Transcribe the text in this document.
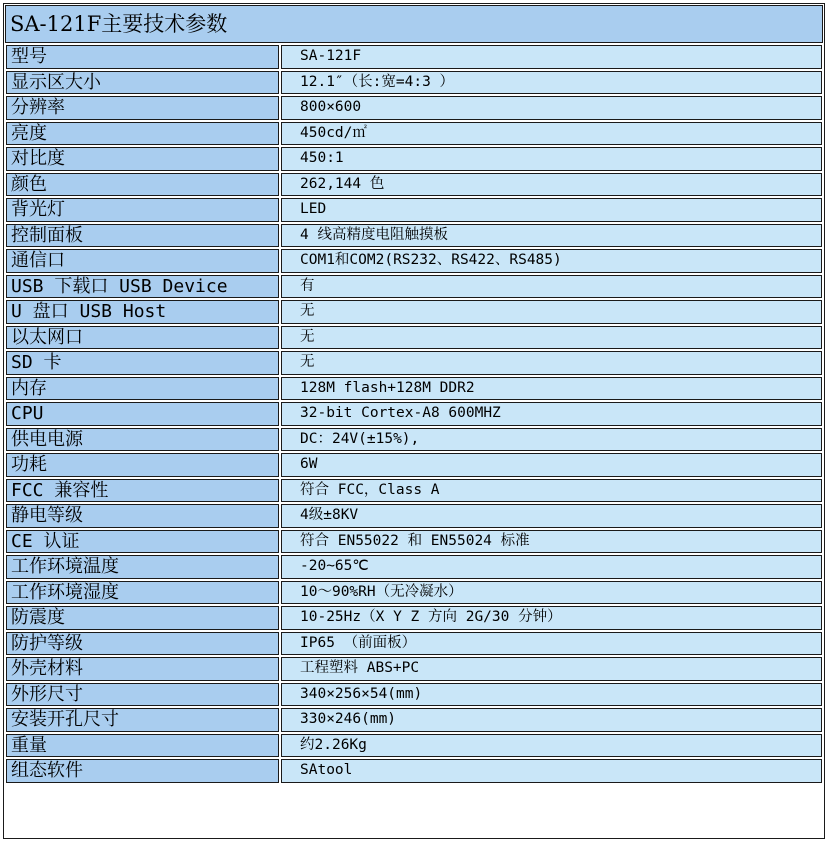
SA-121F主要技术参数
型号	SA-121F
显示区大小	12.1″（长:宽=4:3 ）
分辨率	800×600
亮度	450cd/㎡
对比度	450:1
颜色	262,144 色
背光灯	LED
控制面板	4 线高精度电阻触摸板
通信口	COM1和COM2(RS232、RS422、RS485)
USB 下载口 USB Device	有
U 盘口 USB Host	无
以太网口	无
SD 卡	无
内存	128M flash+128M DDR2
CPU	32-bit Cortex-A8 600MHZ
供电电源	DC：24V(±15%),
功耗	6W
FCC 兼容性	符合 FCC，Class A
静电等级	4级±8KV
CE 认证	符合 EN55022 和 EN55024 标准
工作环境温度	-20~65℃
工作环境湿度	10～90%RH（无冷凝水）
防震度	10-25Hz（X Y Z 方向 2G/30 分钟）
防护等级	IP65 （前面板）
外壳材料	工程塑料 ABS+PC
外形尺寸	340×256×54(mm)
安装开孔尺寸	330×246(mm)
重量	约2.26Kg
组态软件	SAtool
